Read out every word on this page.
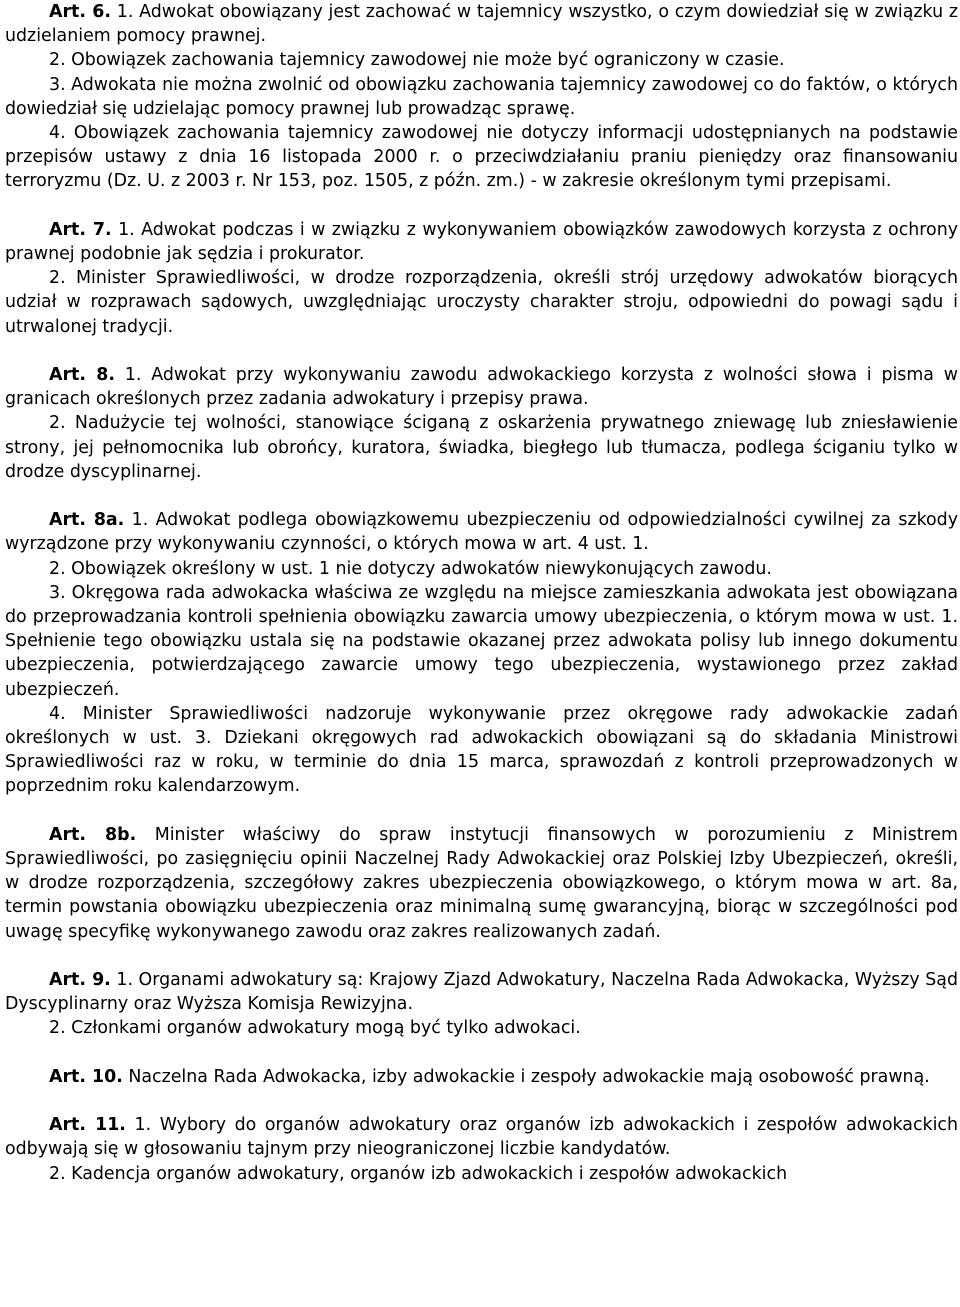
Art. 6. 1. Adwokat obowiązany jest zachować w tajemnicy wszystko, o czym dowiedział się w związku z udzielaniem pomocy prawnej.

2. Obowiązek zachowania tajemnicy zawodowej nie może być ograniczony w czasie.

3. Adwokata nie można zwolnić od obowiązku zachowania tajemnicy zawodowej co do faktów, o których dowiedział się udzielając pomocy prawnej lub prowadząc sprawę.

4. Obowiązek zachowania tajemnicy zawodowej nie dotyczy informacji udostępnianych na podstawie przepisów ustawy z dnia 16 listopada 2000 r. o przeciwdziałaniu praniu pieniędzy oraz finansowaniu terroryzmu (Dz. U. z 2003 r. Nr 153, poz. 1505, z późn. zm.) - w zakresie określonym tymi przepisami.

Art. 7. 1. Adwokat podczas i w związku z wykonywaniem obowiązków zawodowych korzysta z ochrony prawnej podobnie jak sędzia i prokurator.

2. Minister Sprawiedliwości, w drodze rozporządzenia, określi strój urzędowy adwokatów biorących udział w rozprawach sądowych, uwzględniając uroczysty charakter stroju, odpowiedni do powagi sądu i utrwalonej tradycji.

Art. 8. 1. Adwokat przy wykonywaniu zawodu adwokackiego korzysta z wolności słowa i pisma w granicach określonych przez zadania adwokatury i przepisy prawa.

2. Nadużycie tej wolności, stanowiące ściganą z oskarżenia prywatnego zniewagę lub zniesławienie strony, jej pełnomocnika lub obrońcy, kuratora, świadka, biegłego lub tłumacza, podlega ściganiu tylko w drodze dyscyplinarnej.

Art. 8a. 1. Adwokat podlega obowiązkowemu ubezpieczeniu od odpowiedzialności cywilnej za szkody wyrządzone przy wykonywaniu czynności, o których mowa w art. 4 ust. 1.

2. Obowiązek określony w ust. 1 nie dotyczy adwokatów niewykonujących zawodu.

3. Okręgowa rada adwokacka właściwa ze względu na miejsce zamieszkania adwokata jest obowiązana do przeprowadzania kontroli spełnienia obowiązku zawarcia umowy ubezpieczenia, o którym mowa w ust. 1. Spełnienie tego obowiązku ustala się na podstawie okazanej przez adwokata polisy lub innego dokumentu ubezpieczenia, potwierdzającego zawarcie umowy tego ubezpieczenia, wystawionego przez zakład ubezpieczeń.

4. Minister Sprawiedliwości nadzoruje wykonywanie przez okręgowe rady adwokackie zadań określonych w ust. 3. Dziekani okręgowych rad adwokackich obowiązani są do składania Ministrowi Sprawiedliwości raz w roku, w terminie do dnia 15 marca, sprawozdań z kontroli przeprowadzonych w poprzednim roku kalendarzowym.

Art. 8b. Minister właściwy do spraw instytucji finansowych w porozumieniu z Ministrem Sprawiedliwości, po zasięgnięciu opinii Naczelnej Rady Adwokackiej oraz Polskiej Izby Ubezpieczeń, określi, w drodze rozporządzenia, szczegółowy zakres ubezpieczenia obowiązkowego, o którym mowa w art. 8a, termin powstania obowiązku ubezpieczenia oraz minimalną sumę gwarancyjną, biorąc w szczególności pod uwagę specyfikę wykonywanego zawodu oraz zakres realizowanych zadań.

Art. 9. 1. Organami adwokatury są: Krajowy Zjazd Adwokatury, Naczelna Rada Adwokacka, Wyższy Sąd Dyscyplinarny oraz Wyższa Komisja Rewizyjna.

2. Członkami organów adwokatury mogą być tylko adwokaci.

Art. 10. Naczelna Rada Adwokacka, izby adwokackie i zespoły adwokackie mają osobowość prawną.

Art. 11. 1. Wybory do organów adwokatury oraz organów izb adwokackich i zespołów adwokackich odbywają się w głosowaniu tajnym przy nieograniczonej liczbie kandydatów.

2. Kadencja organów adwokatury, organów izb adwokackich i zespołów adwokackich
